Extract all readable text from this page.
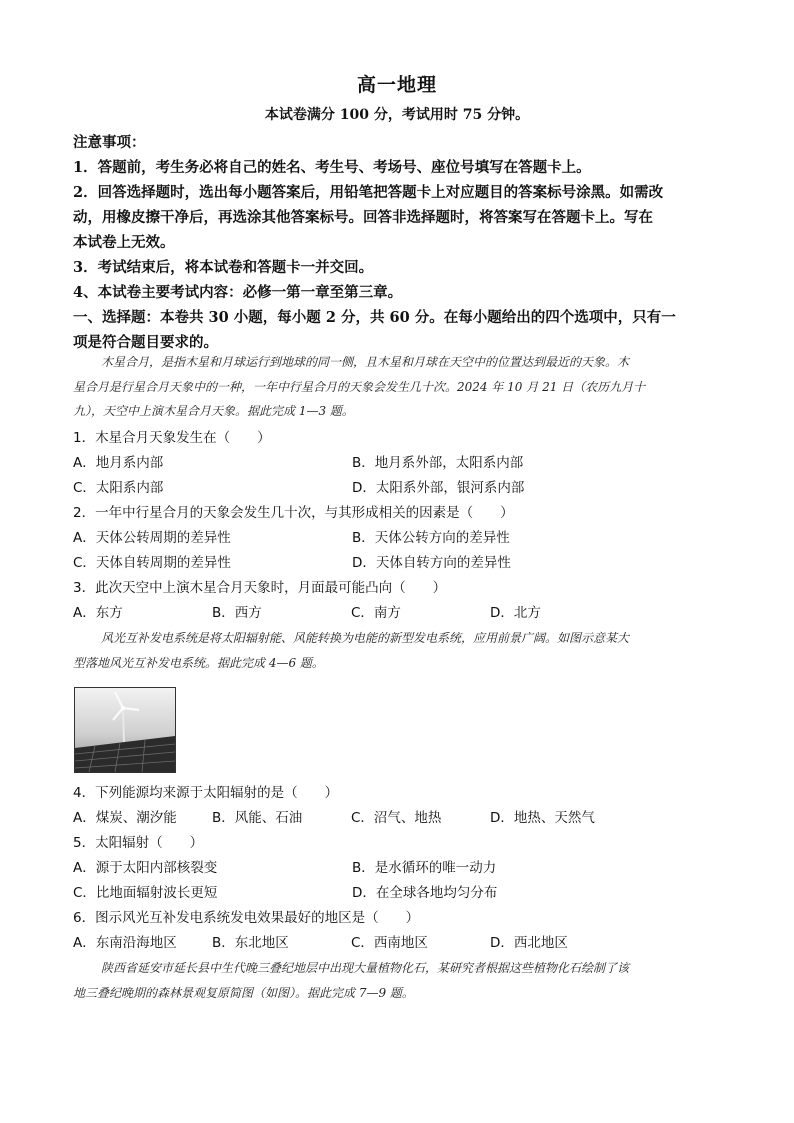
高一地理
本试卷满分 100 分，考试用时 75 分钟。
注意事项：
1．答题前，考生务必将自己的姓名、考生号、考场号、座位号填写在答题卡上。
2．回答选择题时，选出每小题答案后，用铅笔把答题卡上对应题目的答案标号涂黑。如需改
动，用橡皮擦干净后，再选涂其他答案标号。回答非选择题时，将答案写在答题卡上。写在
本试卷上无效。
3．考试结束后，将本试卷和答题卡一并交回。
4、本试卷主要考试内容：必修一第一章至第三章。
一、选择题：本卷共 30 小题，每小题 2 分，共 60 分。在每小题给出的四个选项中，只有一
项是符合题目要求的。
木星合月，是指木星和月球运行到地球的同一侧，且木星和月球在天空中的位置达到最近的天象。木
星合月是行星合月天象中的一种，一年中行星合月的天象会发生几十次。2024 年 10 月 21 日（农历九月十
九），天空中上演木星合月天象。据此完成 1—3 题。
1．木星合月天象发生在（　　）
A．地月系内部	B．地月系外部，太阳系内部
C．太阳系内部	D．太阳系外部，银河系内部
2．一年中行星合月的天象会发生几十次，与其形成相关的因素是（　　）
A．天体公转周期的差异性	B．天体公转方向的差异性
C．天体自转周期的差异性	D．天体自转方向的差异性
3．此次天空中上演木星合月天象时，月面最可能凸向（　　）
A．东方	B．西方	C．南方	D．北方
风光互补发电系统是将太阳辐射能、风能转换为电能的新型发电系统，应用前景广阔。如图示意某大
型落地风光互补发电系统。据此完成 4—6 题。
4．下列能源均来源于太阳辐射的是（　　）
A．煤炭、潮汐能	B．风能、石油	C．沼气、地热	D．地热、天然气
5．太阳辐射（　　）
A．源于太阳内部核裂变	B．是水循环的唯一动力
C．比地面辐射波长更短	D．在全球各地均匀分布
6．图示风光互补发电系统发电效果最好的地区是（　　）
A．东南沿海地区	B．东北地区	C．西南地区	D．西北地区
陕西省延安市延长县中生代晚三叠纪地层中出现大量植物化石，某研究者根据这些植物化石绘制了该
地三叠纪晚期的森林景观复原简图（如图）。据此完成 7—9 题。
